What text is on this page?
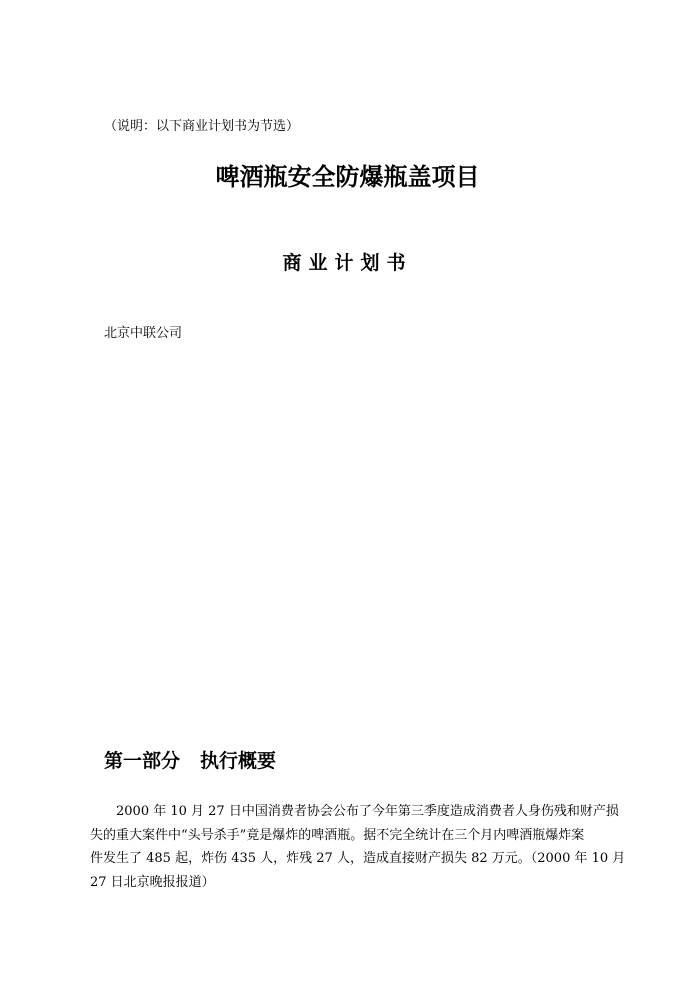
（说明：以下商业计划书为节选）
啤酒瓶安全防爆瓶盖项目
商业计划书
北京中联公司
第一部分 执行概要
2000 年 10 月 27 日中国消费者协会公布了今年第三季度造成消费者人身伤残和财产损
失的重大案件中“头号杀手”竟是爆炸的啤酒瓶。据不完全统计在三个月内啤酒瓶爆炸案
件发生了 485 起，炸伤 435 人，炸残 27 人，造成直接财产损失 82 万元。（2000 年 10 月
27 日北京晚报报道）
